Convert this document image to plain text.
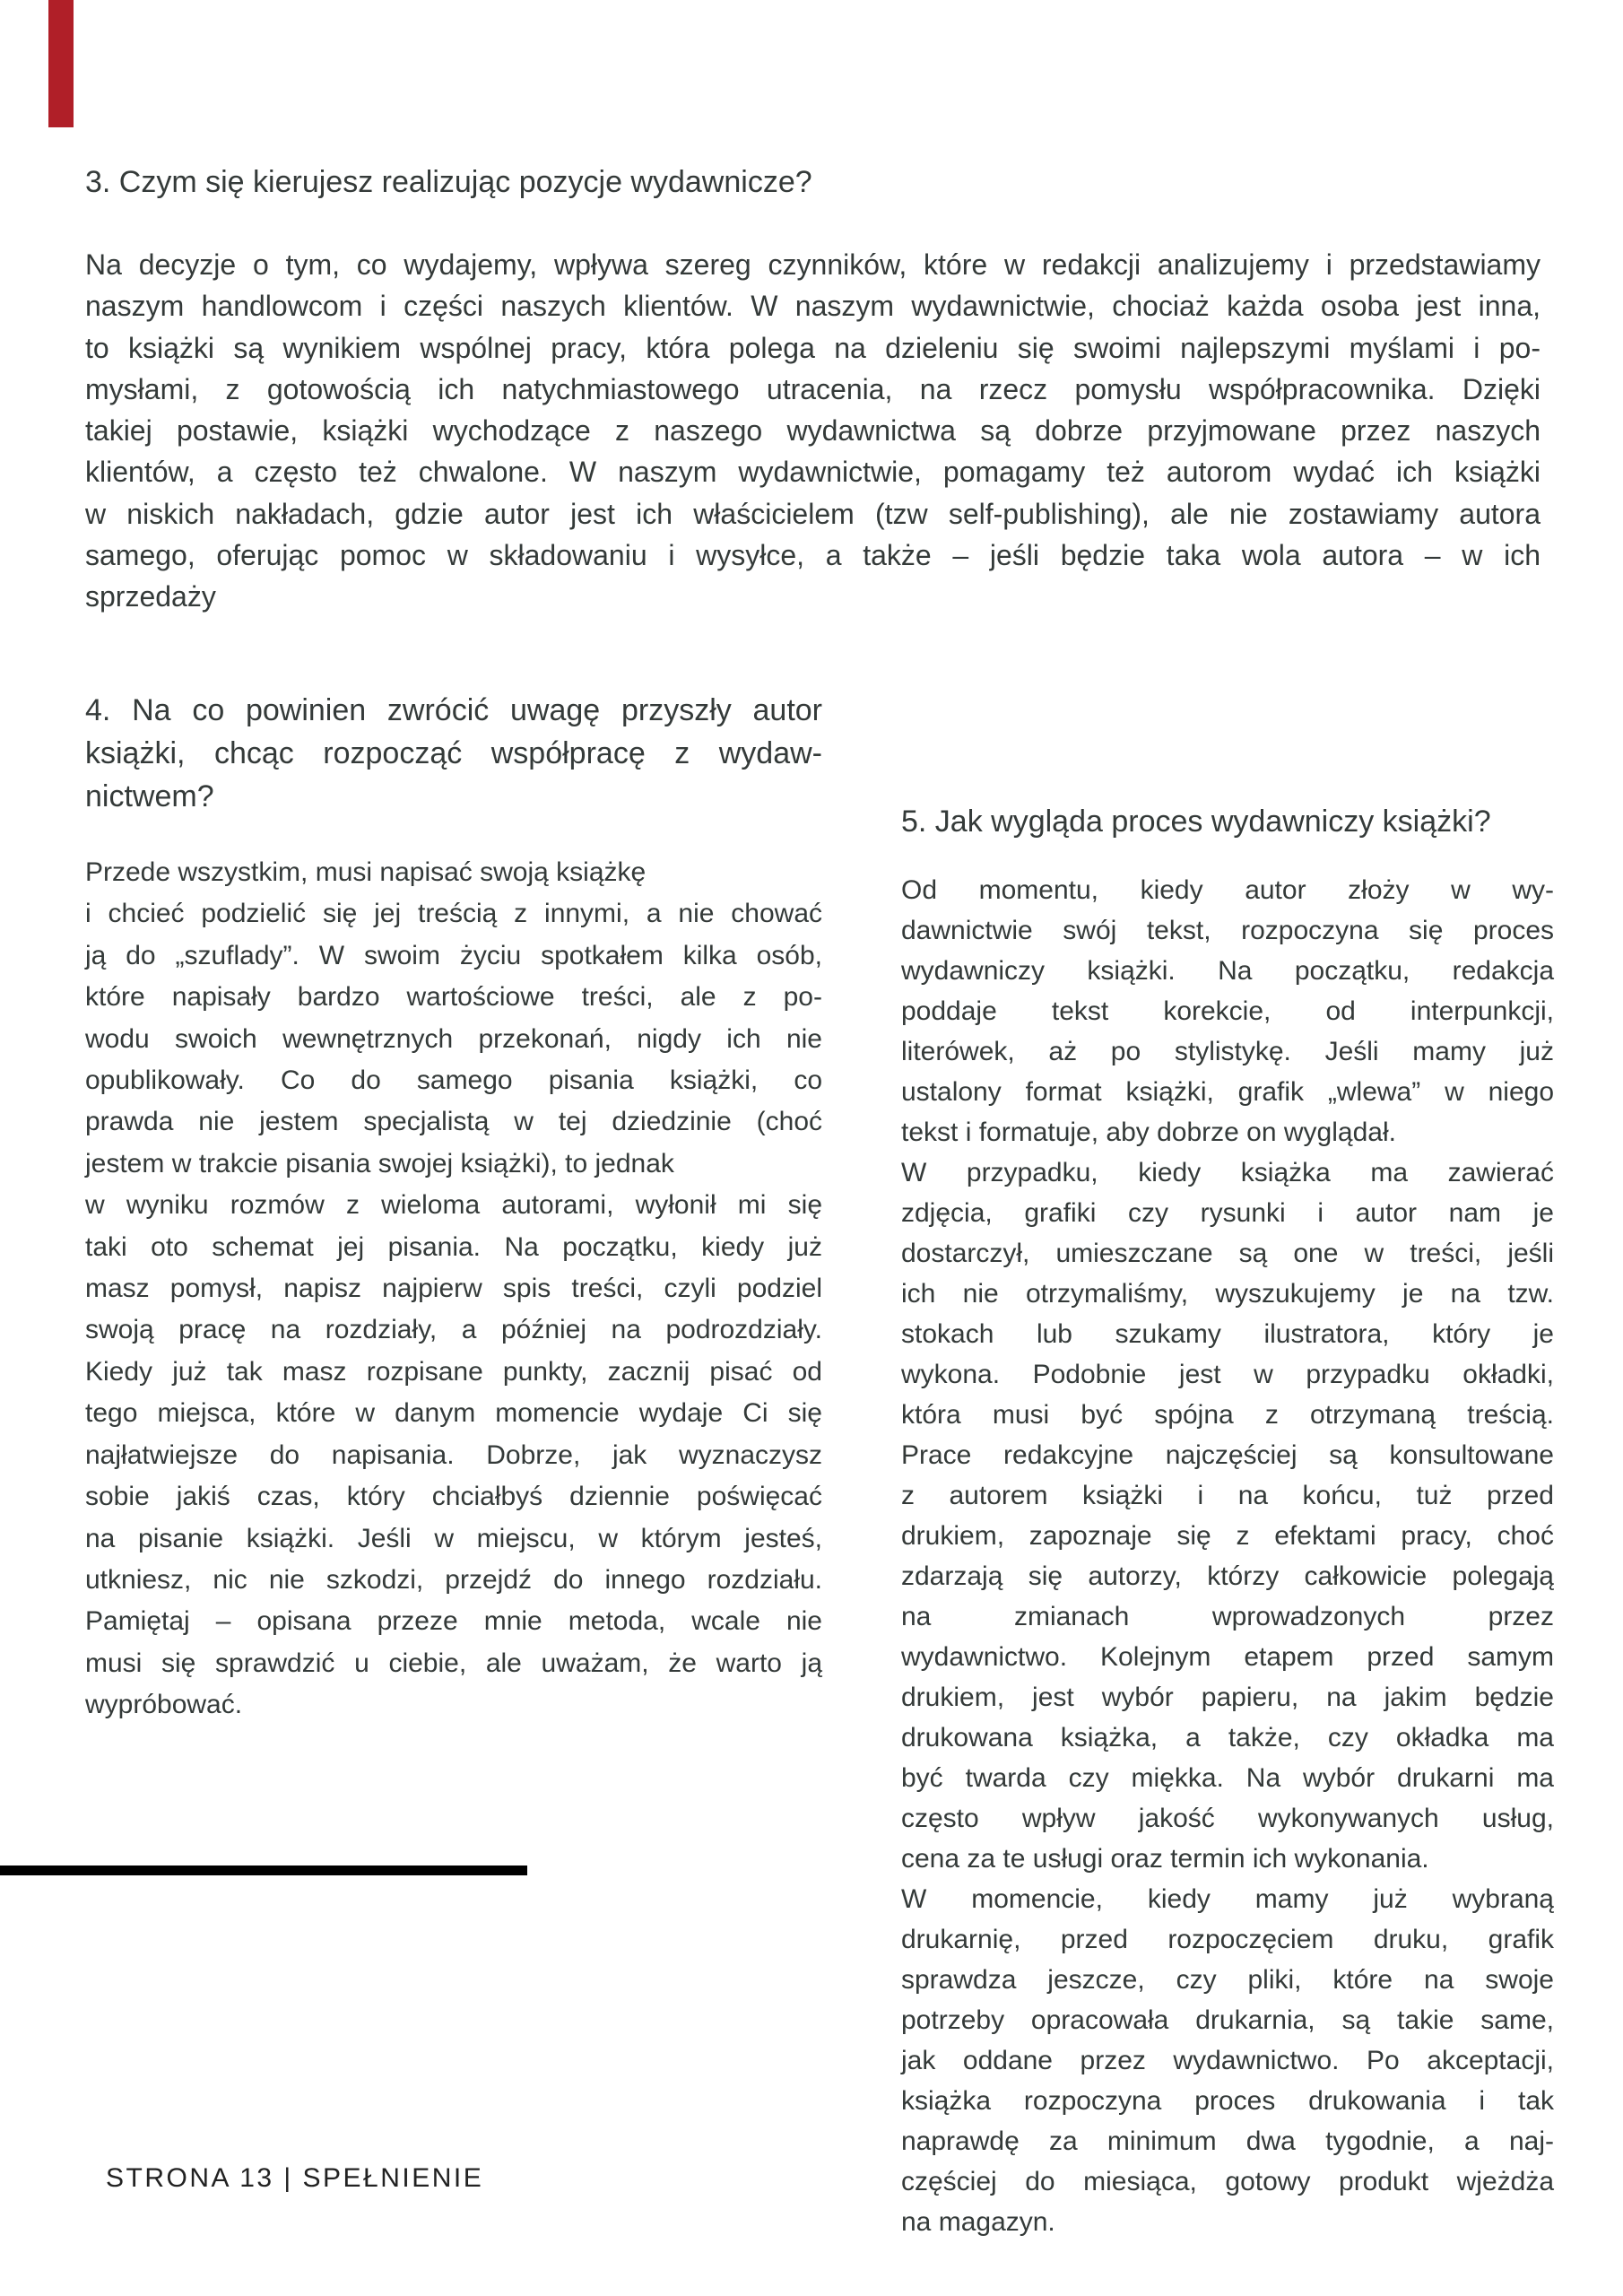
3. Czym się kierujesz realizując pozycje wydawnicze?
Na decyzje o tym, co wydajemy, wpływa szereg czynników, które w redakcji analizujemy i przedstawiamy
naszym handlowcom i części naszych klientów. W naszym wydawnictwie, chociaż każda osoba jest inna,
to książki są wynikiem wspólnej pracy, która polega na dzieleniu się swoimi najlepszymi myślami i po-
mysłami, z gotowością ich natychmiastowego utracenia, na rzecz pomysłu współpracownika. Dzięki
takiej postawie, książki wychodzące z naszego wydawnictwa są dobrze przyjmowane przez naszych
klientów, a często też chwalone. W naszym wydawnictwie, pomagamy też autorom wydać ich książki
w niskich nakładach, gdzie autor jest ich właścicielem (tzw self-publishing), ale nie zostawiamy autora
samego, oferując pomoc w składowaniu i wysyłce, a także – jeśli będzie taka wola autora – w ich
sprzedaży
4. Na co powinien zwrócić uwagę przyszły autor
książki, chcąc rozpocząć współpracę z wydaw-
nictwem?
Przede wszystkim, musi napisać swoją książkę
i chcieć podzielić się jej treścią z innymi, a nie chować
ją do „szuflady”. W swoim życiu spotkałem kilka osób,
które napisały bardzo wartościowe treści, ale z po-
wodu swoich wewnętrznych przekonań, nigdy ich nie
opublikowały. Co do samego pisania książki, co
prawda nie jestem specjalistą w tej dziedzinie (choć
jestem w trakcie pisania swojej książki), to jednak
w wyniku rozmów z wieloma autorami, wyłonił mi się
taki oto schemat jej pisania. Na początku, kiedy już
masz pomysł, napisz najpierw spis treści, czyli podziel
swoją pracę na rozdziały, a później na podrozdziały.
Kiedy już tak masz rozpisane punkty, zacznij pisać od
tego miejsca, które w danym momencie wydaje Ci się
najłatwiejsze do napisania. Dobrze, jak wyznaczysz
sobie jakiś czas, który chciałbyś dziennie poświęcać
na pisanie książki. Jeśli w miejscu, w którym jesteś,
utkniesz, nic nie szkodzi, przejdź do innego rozdziału.
Pamiętaj – opisana przeze mnie metoda, wcale nie
musi się sprawdzić u ciebie, ale uważam, że warto ją
wypróbować.
5. Jak wygląda proces wydawniczy książki?
Od momentu, kiedy autor złoży w wy-
dawnictwie swój tekst, rozpoczyna się proces
wydawniczy książki. Na początku, redakcja
poddaje tekst korekcie, od interpunkcji,
literówek, aż po stylistykę. Jeśli mamy już
ustalony format książki, grafik „wlewa” w niego
tekst i formatuje, aby dobrze on wyglądał.
W przypadku, kiedy książka ma zawierać
zdjęcia, grafiki czy rysunki i autor nam je
dostarczył, umieszczane są one w treści, jeśli
ich nie otrzymaliśmy, wyszukujemy je na tzw.
stokach lub szukamy ilustratora, który je
wykona. Podobnie jest w przypadku okładki,
która musi być spójna z otrzymaną treścią.
Prace redakcyjne najczęściej są konsultowane
z autorem książki i na końcu, tuż przed
drukiem, zapoznaje się z efektami pracy, choć
zdarzają się autorzy, którzy całkowicie polegają
na zmianach wprowadzonych przez
wydawnictwo. Kolejnym etapem przed samym
drukiem, jest wybór papieru, na jakim będzie
drukowana książka, a także, czy okładka ma
być twarda czy miękka. Na wybór drukarni ma
często wpływ jakość wykonywanych usług,
cena za te usługi oraz termin ich wykonania.
W momencie, kiedy mamy już wybraną
drukarnię, przed rozpoczęciem druku, grafik
sprawdza jeszcze, czy pliki, które na swoje
potrzeby opracowała drukarnia, są takie same,
jak oddane przez wydawnictwo. Po akceptacji,
książka rozpoczyna proces drukowania i tak
naprawdę za minimum dwa tygodnie, a naj-
częściej do miesiąca, gotowy produkt wjeżdża
na magazyn.
STRONA 13 | SPEŁNIENIE
